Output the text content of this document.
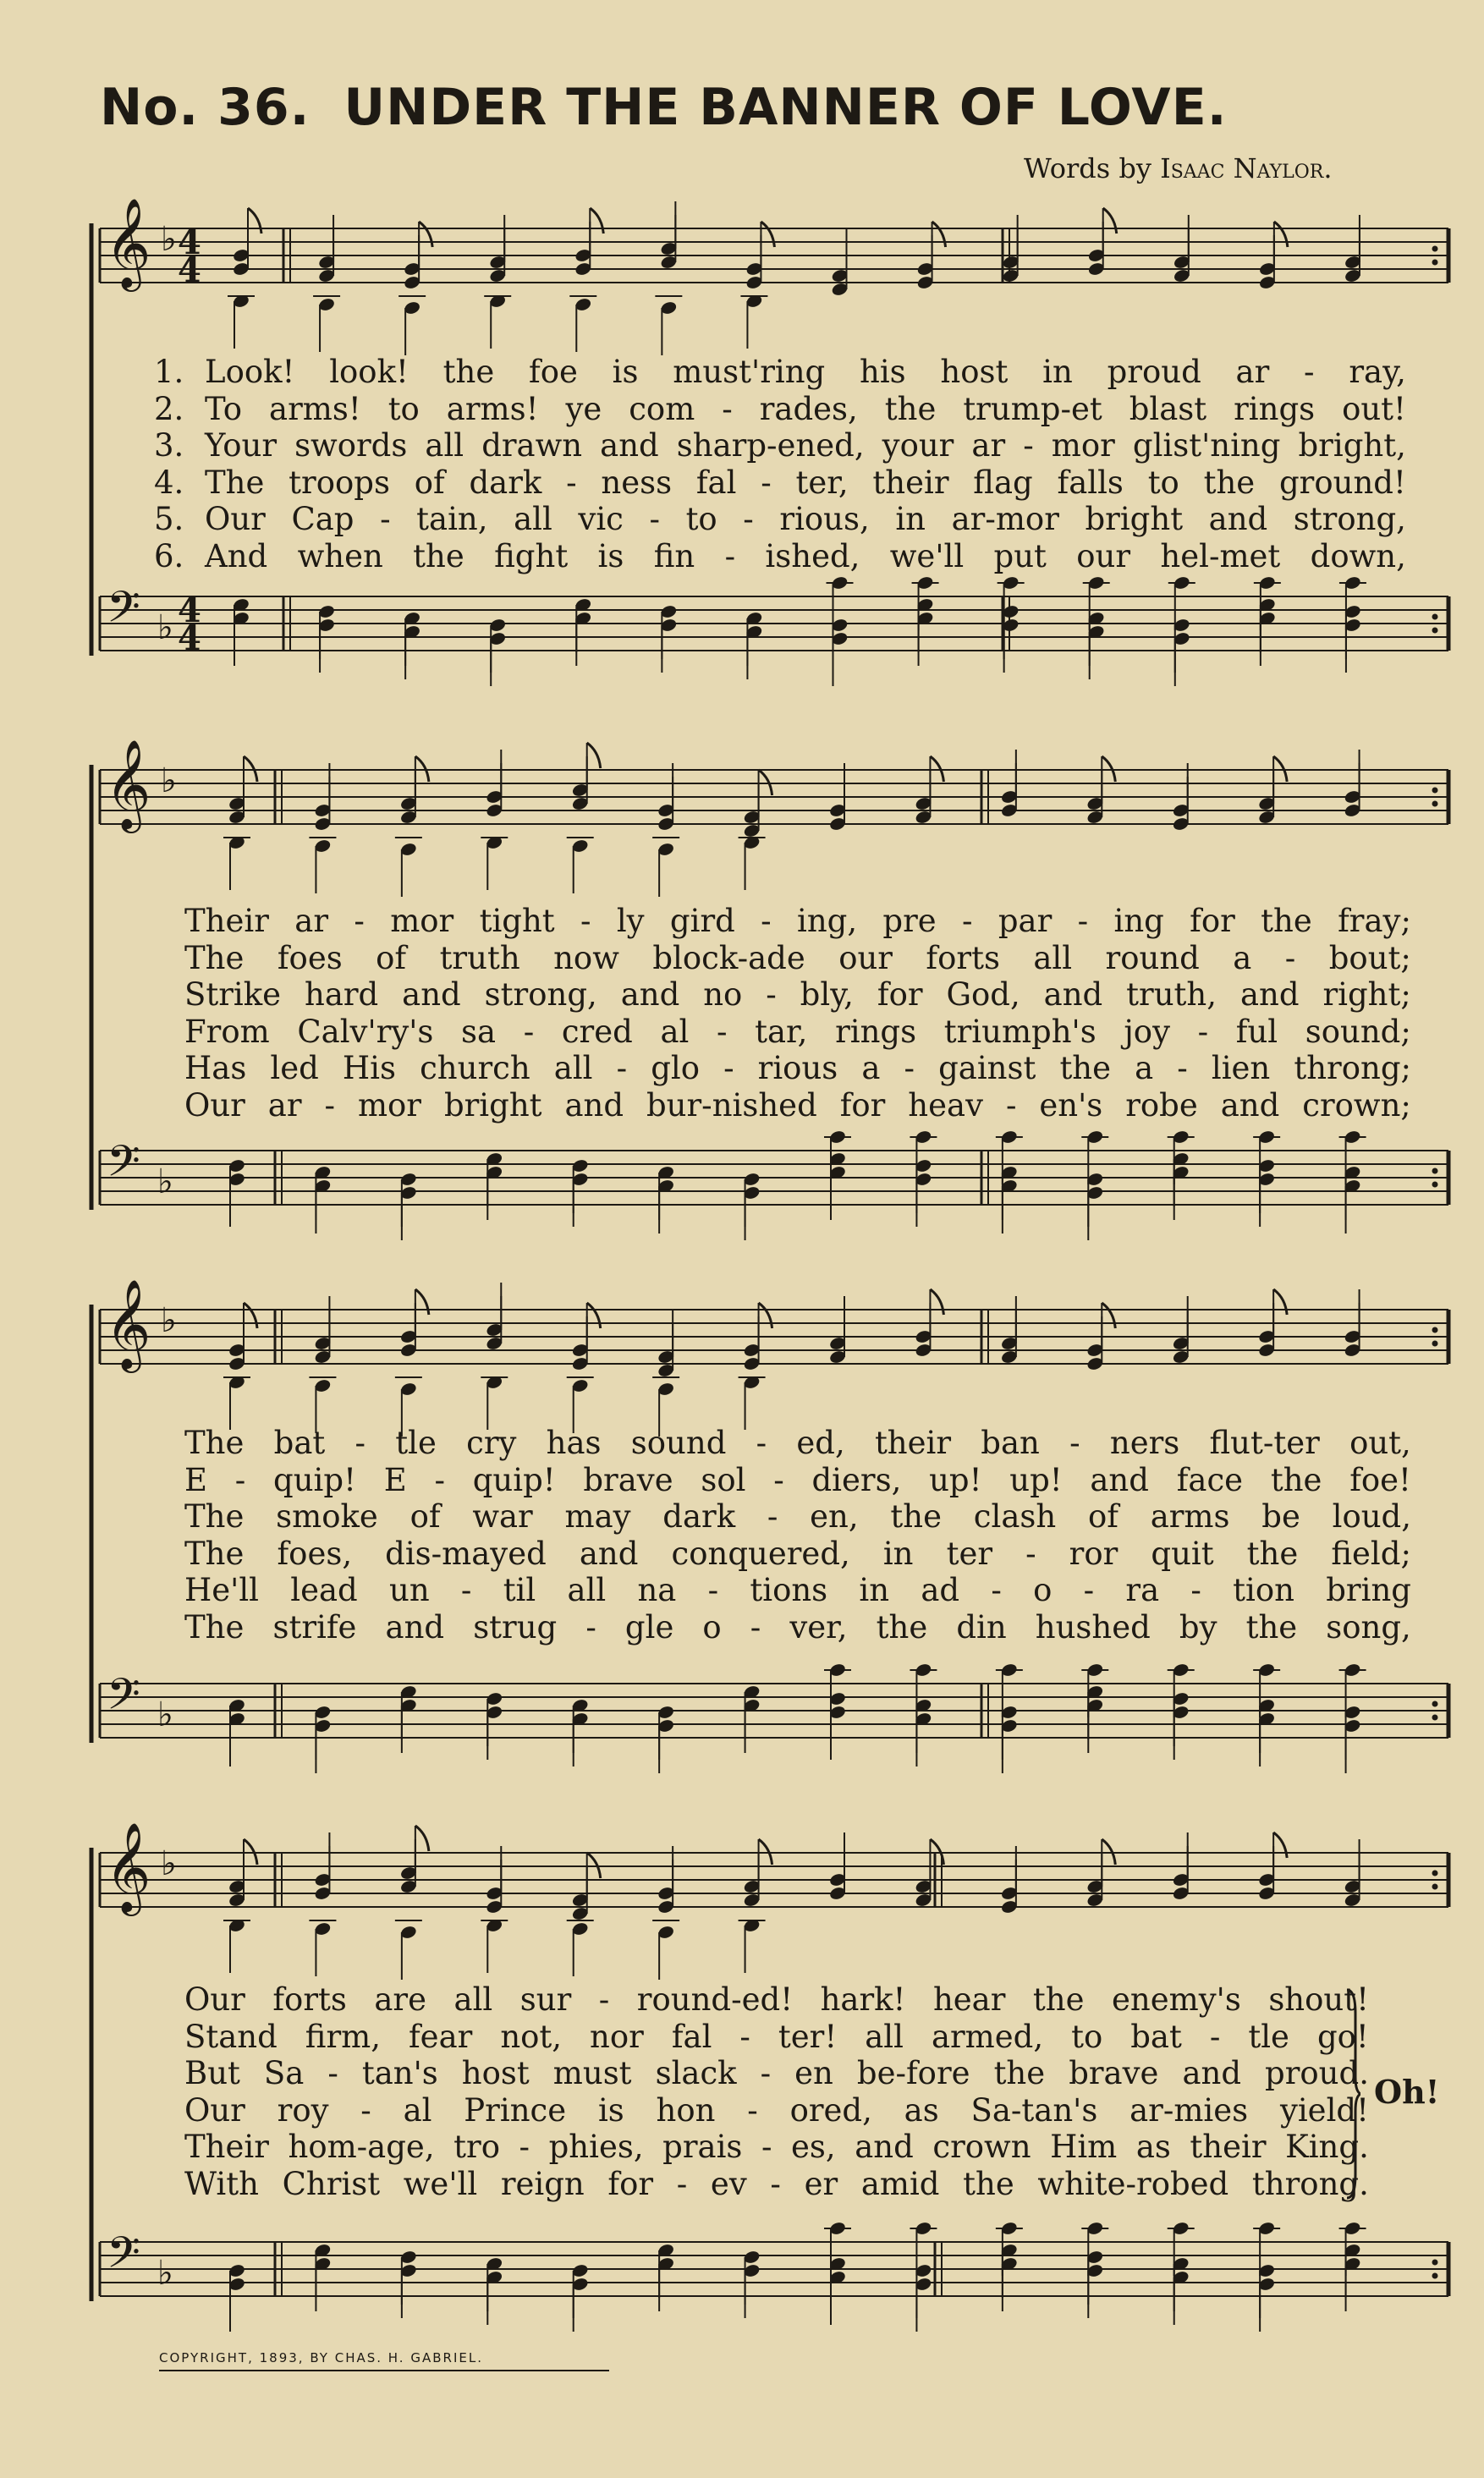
No. 36. UNDER THE BANNER OF LOVE.
Words by Isaac Naylor.
𝄞
𝄢
♭
♭
4
4
4
4
𝄞
𝄢
♭
♭
𝄞
𝄢
♭
♭
𝄞
𝄢
♭
♭
1. Look! look! the foe is must'ring his host in proud ar - ray,
2. To arms! to arms! ye com - rades, the trump-et blast rings out!
3. Your swords all drawn and sharp-ened, your ar - mor glist'ning bright,
4. The troops of dark - ness fal - ter, their flag falls to the ground!
5. Our Cap - tain, all vic - to - rious, in ar-mor bright and strong,
6. And when the fight is fin - ished, we'll put our hel-met down,
Their ar - mor tight - ly gird - ing, pre - par - ing for the fray;
The foes of truth now block-ade our forts all round a - bout;
Strike hard and strong, and no - bly, for God, and truth, and right;
From Calv'ry's sa - cred al - tar, rings triumph's joy - ful sound;
Has led His church all - glo - rious a - gainst the a - lien throng;
Our ar - mor bright and bur-nished for heav - en's robe and crown;
The bat - tle cry has sound - ed, their ban - ners flut-ter out,
E - quip! E - quip! brave sol - diers, up! up! and face the foe!
The smoke of war may dark - en, the clash of arms be loud,
The foes, dis-mayed and conquered, in ter - ror quit the field;
He'll lead un - til all na - tions in ad - o - ra - tion bring
The strife and strug - gle o - ver, the din hushed by the song,
Our forts are all sur - round-ed! hark! hear the enemy's shout!
Stand firm, fear not, nor fal - ter! all armed, to bat - tle go!
But Sa - tan's host must slack - en be-fore the brave and proud.
Our roy - al Prince is hon - ored, as Sa-tan's ar-mies yield!
Their hom-age, tro - phies, prais - es, and crown Him as their King.
With Christ we'll reign for - ev - er amid the white-robed throng.
Oh!
COPYRIGHT, 1893, BY CHAS. H. GABRIEL.
